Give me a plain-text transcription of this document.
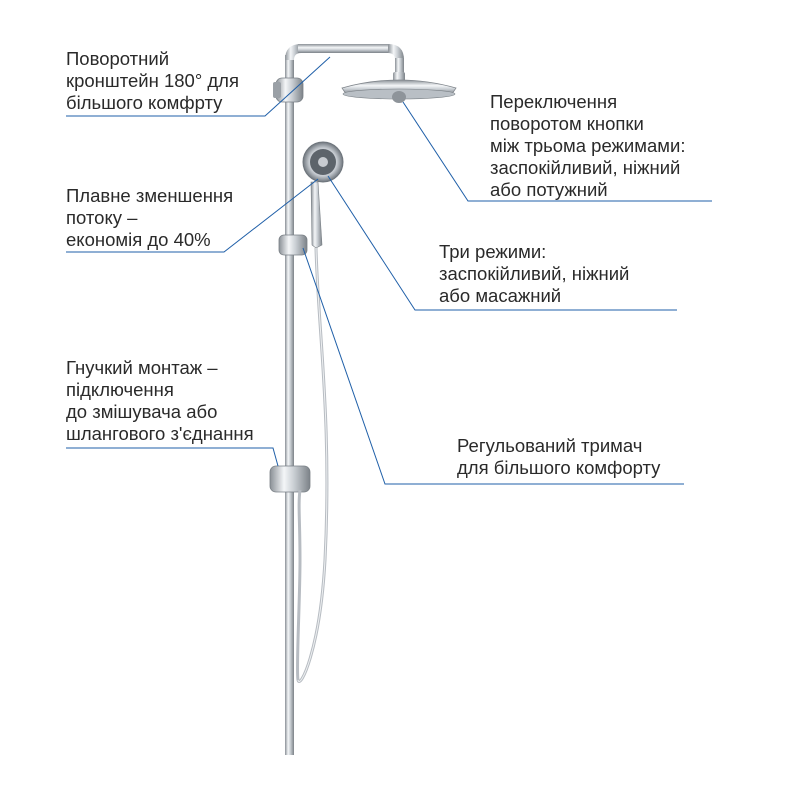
Поворотний
кронштейн 180° для
більшого комфрту	Переключення
поворотом кнопки
між трьома режимами:
заспокійливий, ніжний
або потужний
Плавне зменшення
потоку –
економія до 40%
Три режими:
заспокійливий, ніжний
або масажний
Гнучкий монтаж –
підключення
до змішувача або
шлангового з'єднання
Регульований тримач
для більшого комфорту
